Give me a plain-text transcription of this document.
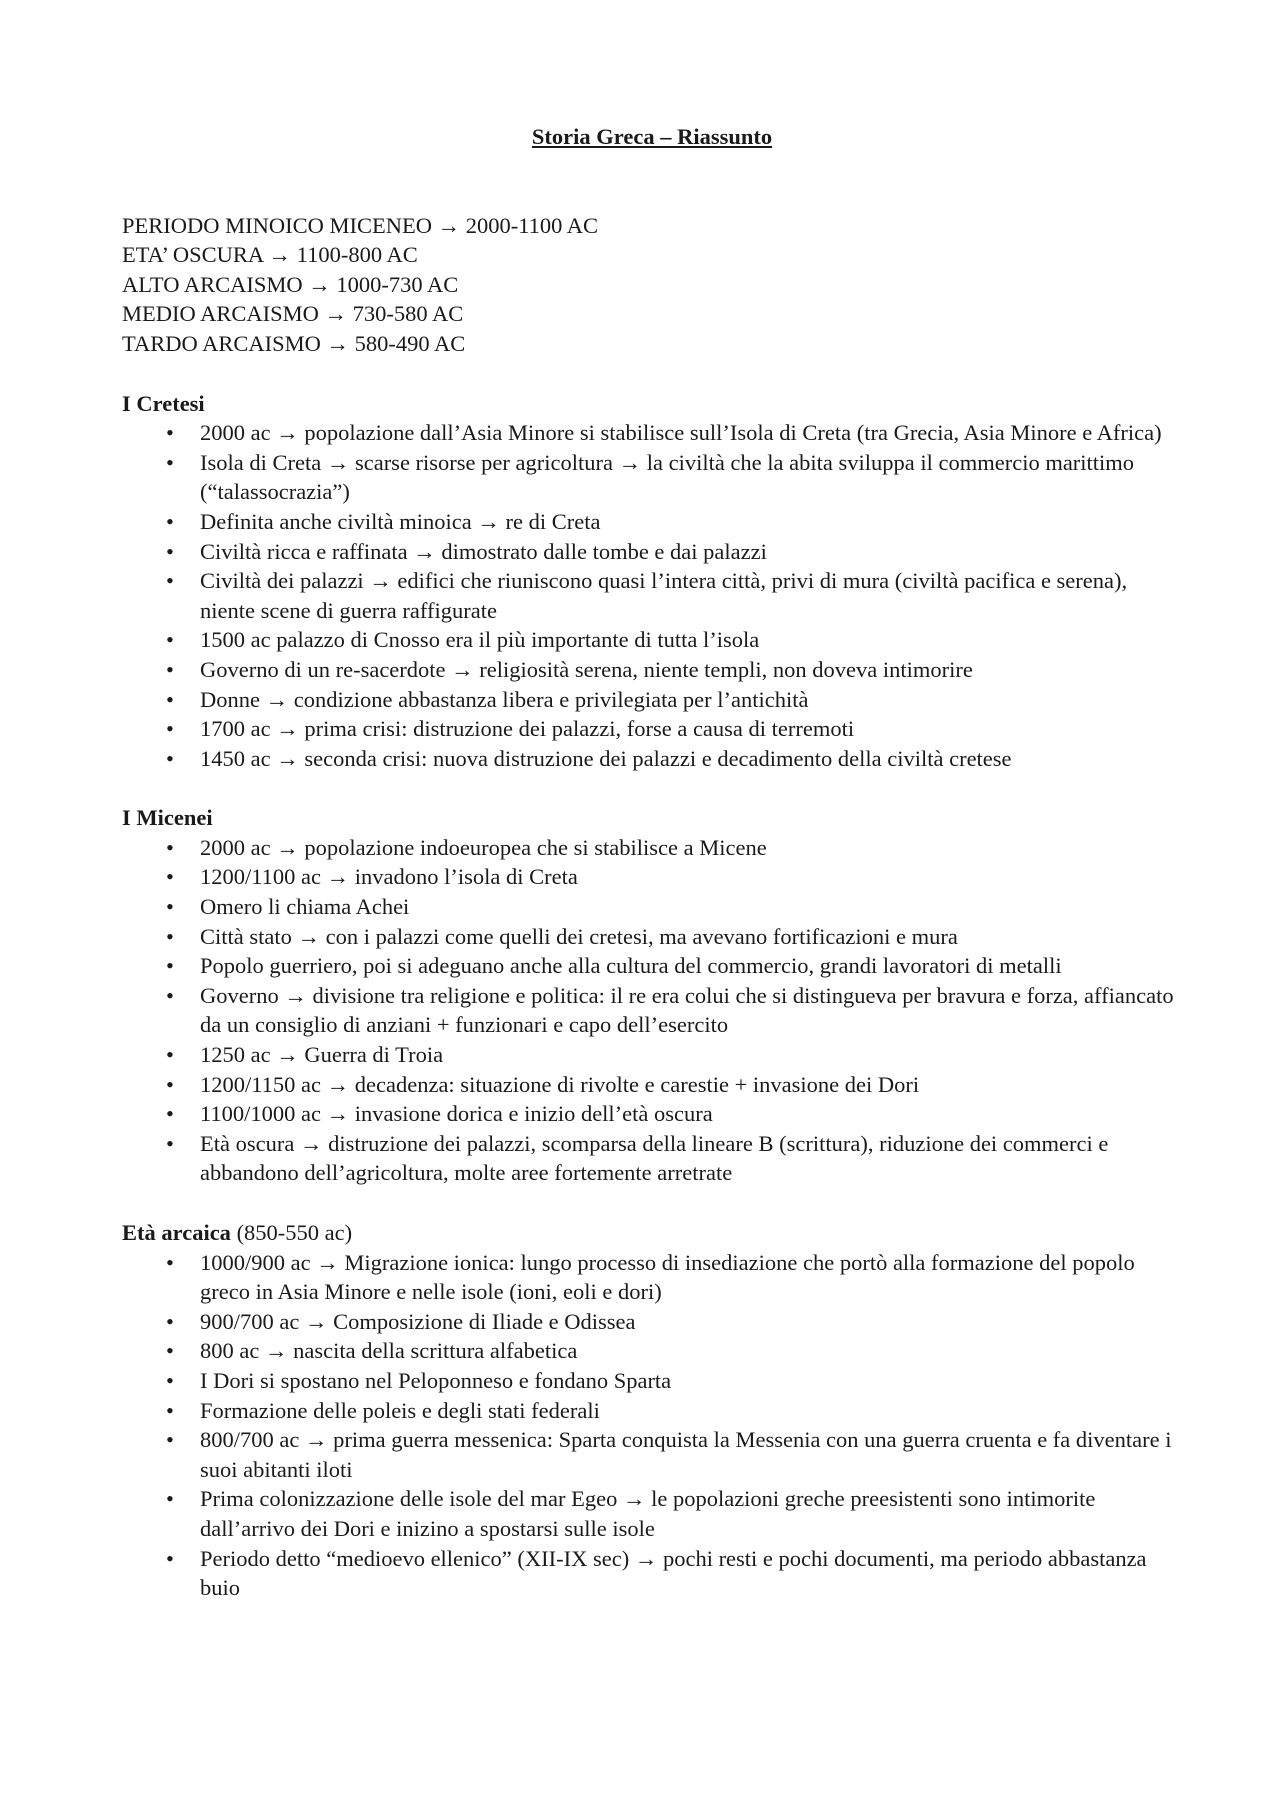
Storia Greca – Riassunto

PERIODO MINOICO MICENEO → 2000-1100 AC
ETA’ OSCURA → 1100-800 AC
ALTO ARCAISMO → 1000-730 AC
MEDIO ARCAISMO → 730-580 AC
TARDO ARCAISMO → 580-490 AC

I Cretesi

• 2000 ac → popolazione dall’Asia Minore si stabilisce sull’Isola di Creta (tra Grecia, Asia Minore e Africa)
• Isola di Creta → scarse risorse per agricoltura → la civiltà che la abita sviluppa il commercio marittimo (“talassocrazia”)
• Definita anche civiltà minoica → re di Creta
• Civiltà ricca e raffinata → dimostrato dalle tombe e dai palazzi
• Civiltà dei palazzi → edifici che riuniscono quasi l’intera città, privi di mura (civiltà pacifica e serena), niente scene di guerra raffigurate
• 1500 ac palazzo di Cnosso era il più importante di tutta l’isola
• Governo di un re-sacerdote → religiosità serena, niente templi, non doveva intimorire
• Donne → condizione abbastanza libera e privilegiata per l’antichità
• 1700 ac → prima crisi: distruzione dei palazzi, forse a causa di terremoti
• 1450 ac → seconda crisi: nuova distruzione dei palazzi e decadimento della civiltà cretese

I Micenei

• 2000 ac → popolazione indoeuropea che si stabilisce a Micene
• 1200/1100 ac → invadono l’isola di Creta
• Omero li chiama Achei
• Città stato → con i palazzi come quelli dei cretesi, ma avevano fortificazioni e mura
• Popolo guerriero, poi si adeguano anche alla cultura del commercio, grandi lavoratori di metalli
• Governo → divisione tra religione e politica: il re era colui che si distingueva per bravura e forza, affiancato da un consiglio di anziani + funzionari e capo dell’esercito
• 1250 ac → Guerra di Troia
• 1200/1150 ac → decadenza: situazione di rivolte e carestie + invasione dei Dori
• 1100/1000 ac → invasione dorica e inizio dell’età oscura
• Età oscura → distruzione dei palazzi, scomparsa della lineare B (scrittura), riduzione dei commerci e abbandono dell’agricoltura, molte aree fortemente arretrate

Età arcaica (850-550 ac)

• 1000/900 ac → Migrazione ionica: lungo processo di insediazione che portò alla formazione del popolo greco in Asia Minore e nelle isole (ioni, eoli e dori)
• 900/700 ac → Composizione di Iliade e Odissea
• 800 ac → nascita della scrittura alfabetica
• I Dori si spostano nel Peloponneso e fondano Sparta
• Formazione delle poleis e degli stati federali
• 800/700 ac → prima guerra messenica: Sparta conquista la Messenia con una guerra cruenta e fa diventare i suoi abitanti iloti
• Prima colonizzazione delle isole del mar Egeo → le popolazioni greche preesistenti sono intimorite dall’arrivo dei Dori e inizino a spostarsi sulle isole
• Periodo detto “medioevo ellenico” (XII-IX sec) → pochi resti e pochi documenti, ma periodo abbastanza buio
